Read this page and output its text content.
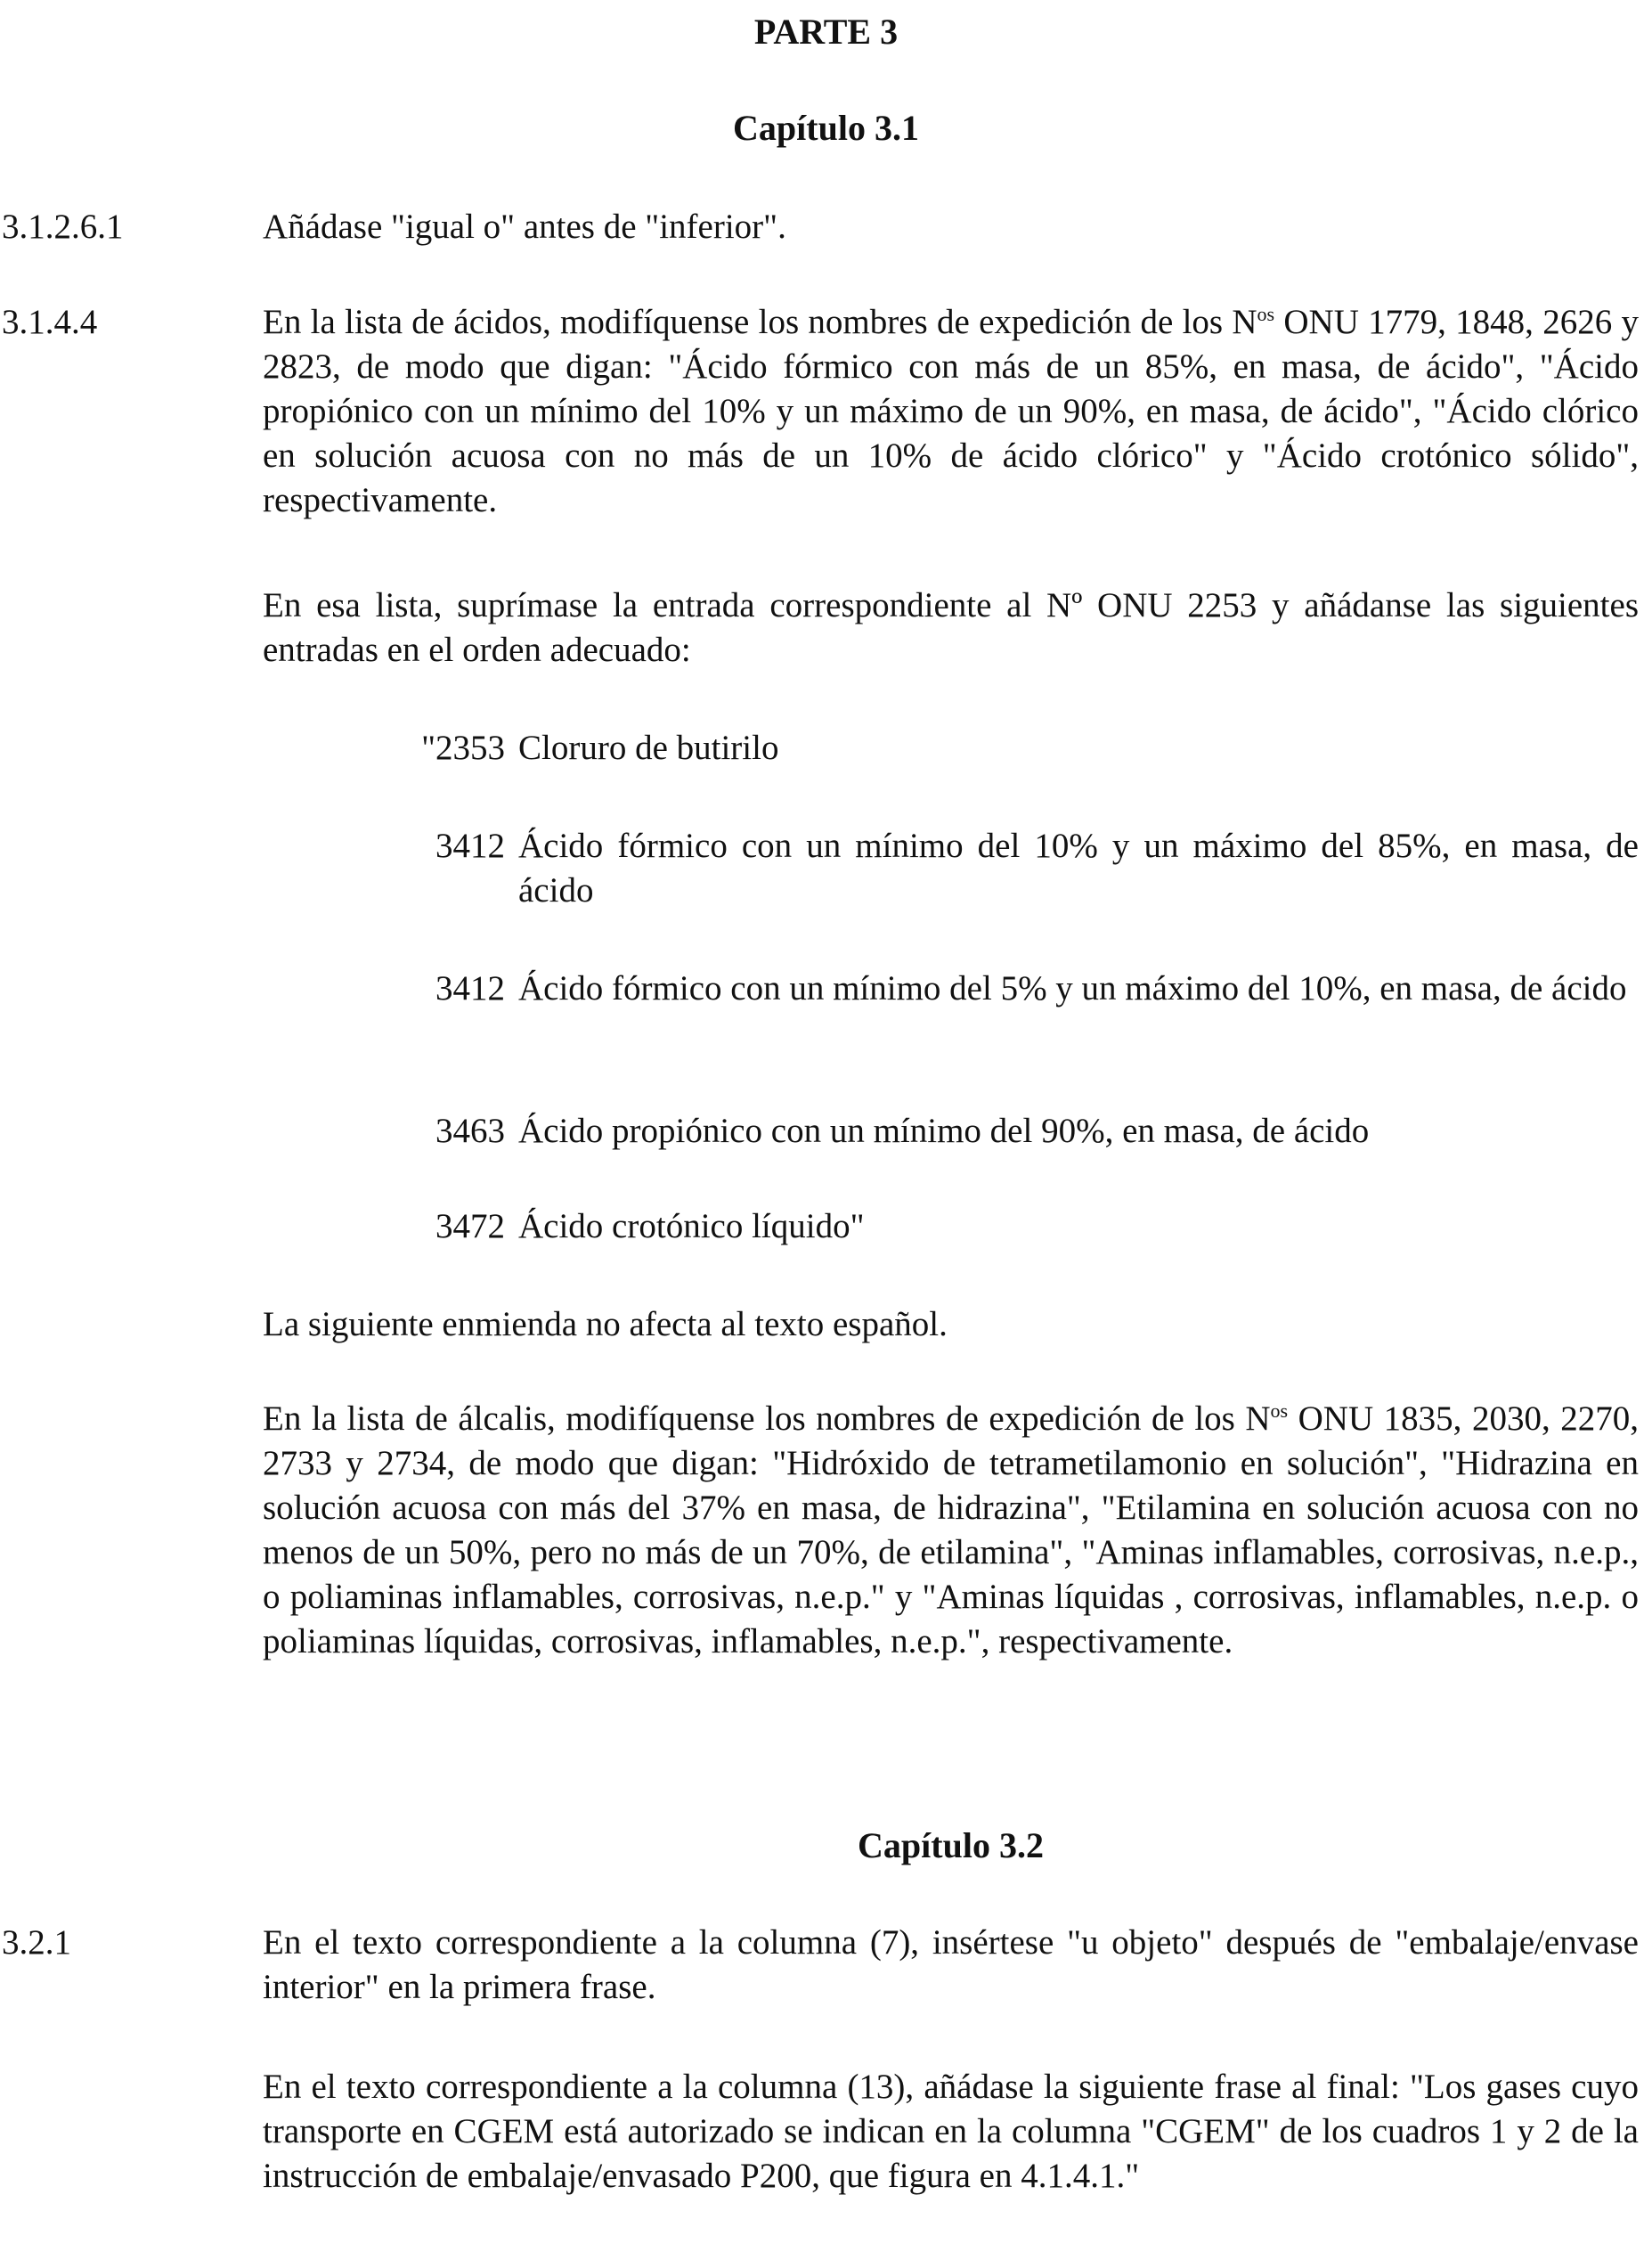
PARTE 3
Capítulo 3.1
3.1.2.6.1	Añádase "igual o" antes de "inferior".

3.1.4.4	En la lista de ácidos, modifíquense los nombres de expedición de los $N^{os}$ ONU 1779, 1848, 2626 y 2823, de modo que digan: "Ácido fórmico con más de un 85%, en masa, de ácido", "Ácido propiónico con un mínimo del 10% y un máximo de un 90%, en masa, de ácido", "Ácido clórico en solución acuosa con no más de un 10% de ácido clórico" y "Ácido crotónico sólido", respectivamente.

En esa lista, suprímase la entrada correspondiente al Nº ONU 2253 y añádanse las siguientes entradas en el orden adecuado:

"2353 Cloruro de butirilo
3412 Ácido fórmico con un mínimo del 10% y un máximo del 85%, en masa, de ácido
3412 Ácido fórmico con un mínimo del 5% y un máximo del 10%, en masa, de ácido
3463 Ácido propiónico con un mínimo del 90%, en masa, de ácido
3472 Ácido crotónico líquido"

La siguiente enmienda no afecta al texto español.

En la lista de álcalis, modifíquense los nombres de expedición de los $N^{os}$ ONU 1835, 2030, 2270, 2733 y 2734, de modo que digan: "Hidróxido de tetrametilamonio en solución", "Hidrazina en solución acuosa con más del 37% en masa, de hidrazina", "Etilamina en solución acuosa con no menos de un 50%, pero no más de un 70%, de etilamina", "Aminas inflamables, corrosivas, n.e.p., o poliaminas inflamables, corrosivas, n.e.p." y "Aminas líquidas , corrosivas, inflamables, n.e.p. o poliaminas líquidas, corrosivas, inflamables, n.e.p.", respectivamente.

Capítulo 3.2
3.2.1	En el texto correspondiente a la columna (7), insértese "u objeto" después de "embalaje/envase interior" en la primera frase.

En el texto correspondiente a la columna (13), añádase la siguiente frase al final: "Los gases cuyo transporte en CGEM está autorizado se indican en la columna "CGEM" de los cuadros 1 y 2 de la instrucción de embalaje/envasado P200, que figura en 4.1.4.1."
